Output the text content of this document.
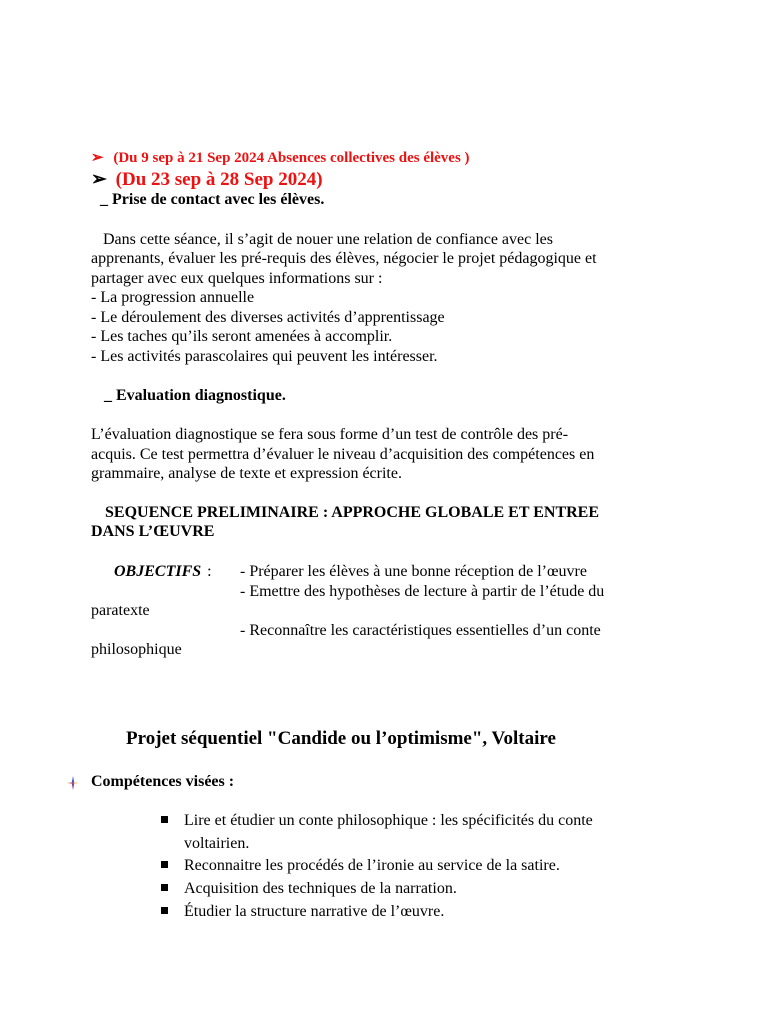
➢ (Du 9 sep à 21 Sep 2024 Absences collectives des élèves )
➢ (Du 23 sep à 28 Sep 2024)
_ Prise de contact avec les élèves.
Dans cette séance, il s’agit de nouer une relation de confiance avec les
apprenants, évaluer les pré-requis des élèves, négocier le projet pédagogique et
partager avec eux quelques informations sur :
- La progression annuelle
- Le déroulement des diverses activités d’apprentissage
- Les taches qu’ils seront amenées à accomplir.
- Les activités parascolaires qui peuvent les intéresser.
_ Evaluation diagnostique.
L’évaluation diagnostique se fera sous forme d’un test de contrôle des pré-
acquis. Ce test permettra d’évaluer le niveau d’acquisition des compétences en
grammaire, analyse de texte et expression écrite.
SEQUENCE PRELIMINAIRE : APPROCHE GLOBALE ET ENTREE
DANS L’ŒUVRE
OBJECTIFS : - Préparer les élèves à une bonne réception de l’œuvre
- Emettre des hypothèses de lecture à partir de l’étude du
paratexte
- Reconnaître les caractéristiques essentielles d’un conte
philosophique
Projet séquentiel "Candide ou l’optimisme", Voltaire
Compétences visées :
Lire et étudier un conte philosophique : les spécificités du conte
voltairien.
Reconnaitre les procédés de l’ironie au service de la satire.
Acquisition des techniques de la narration.
Étudier la structure narrative de l’œuvre.
